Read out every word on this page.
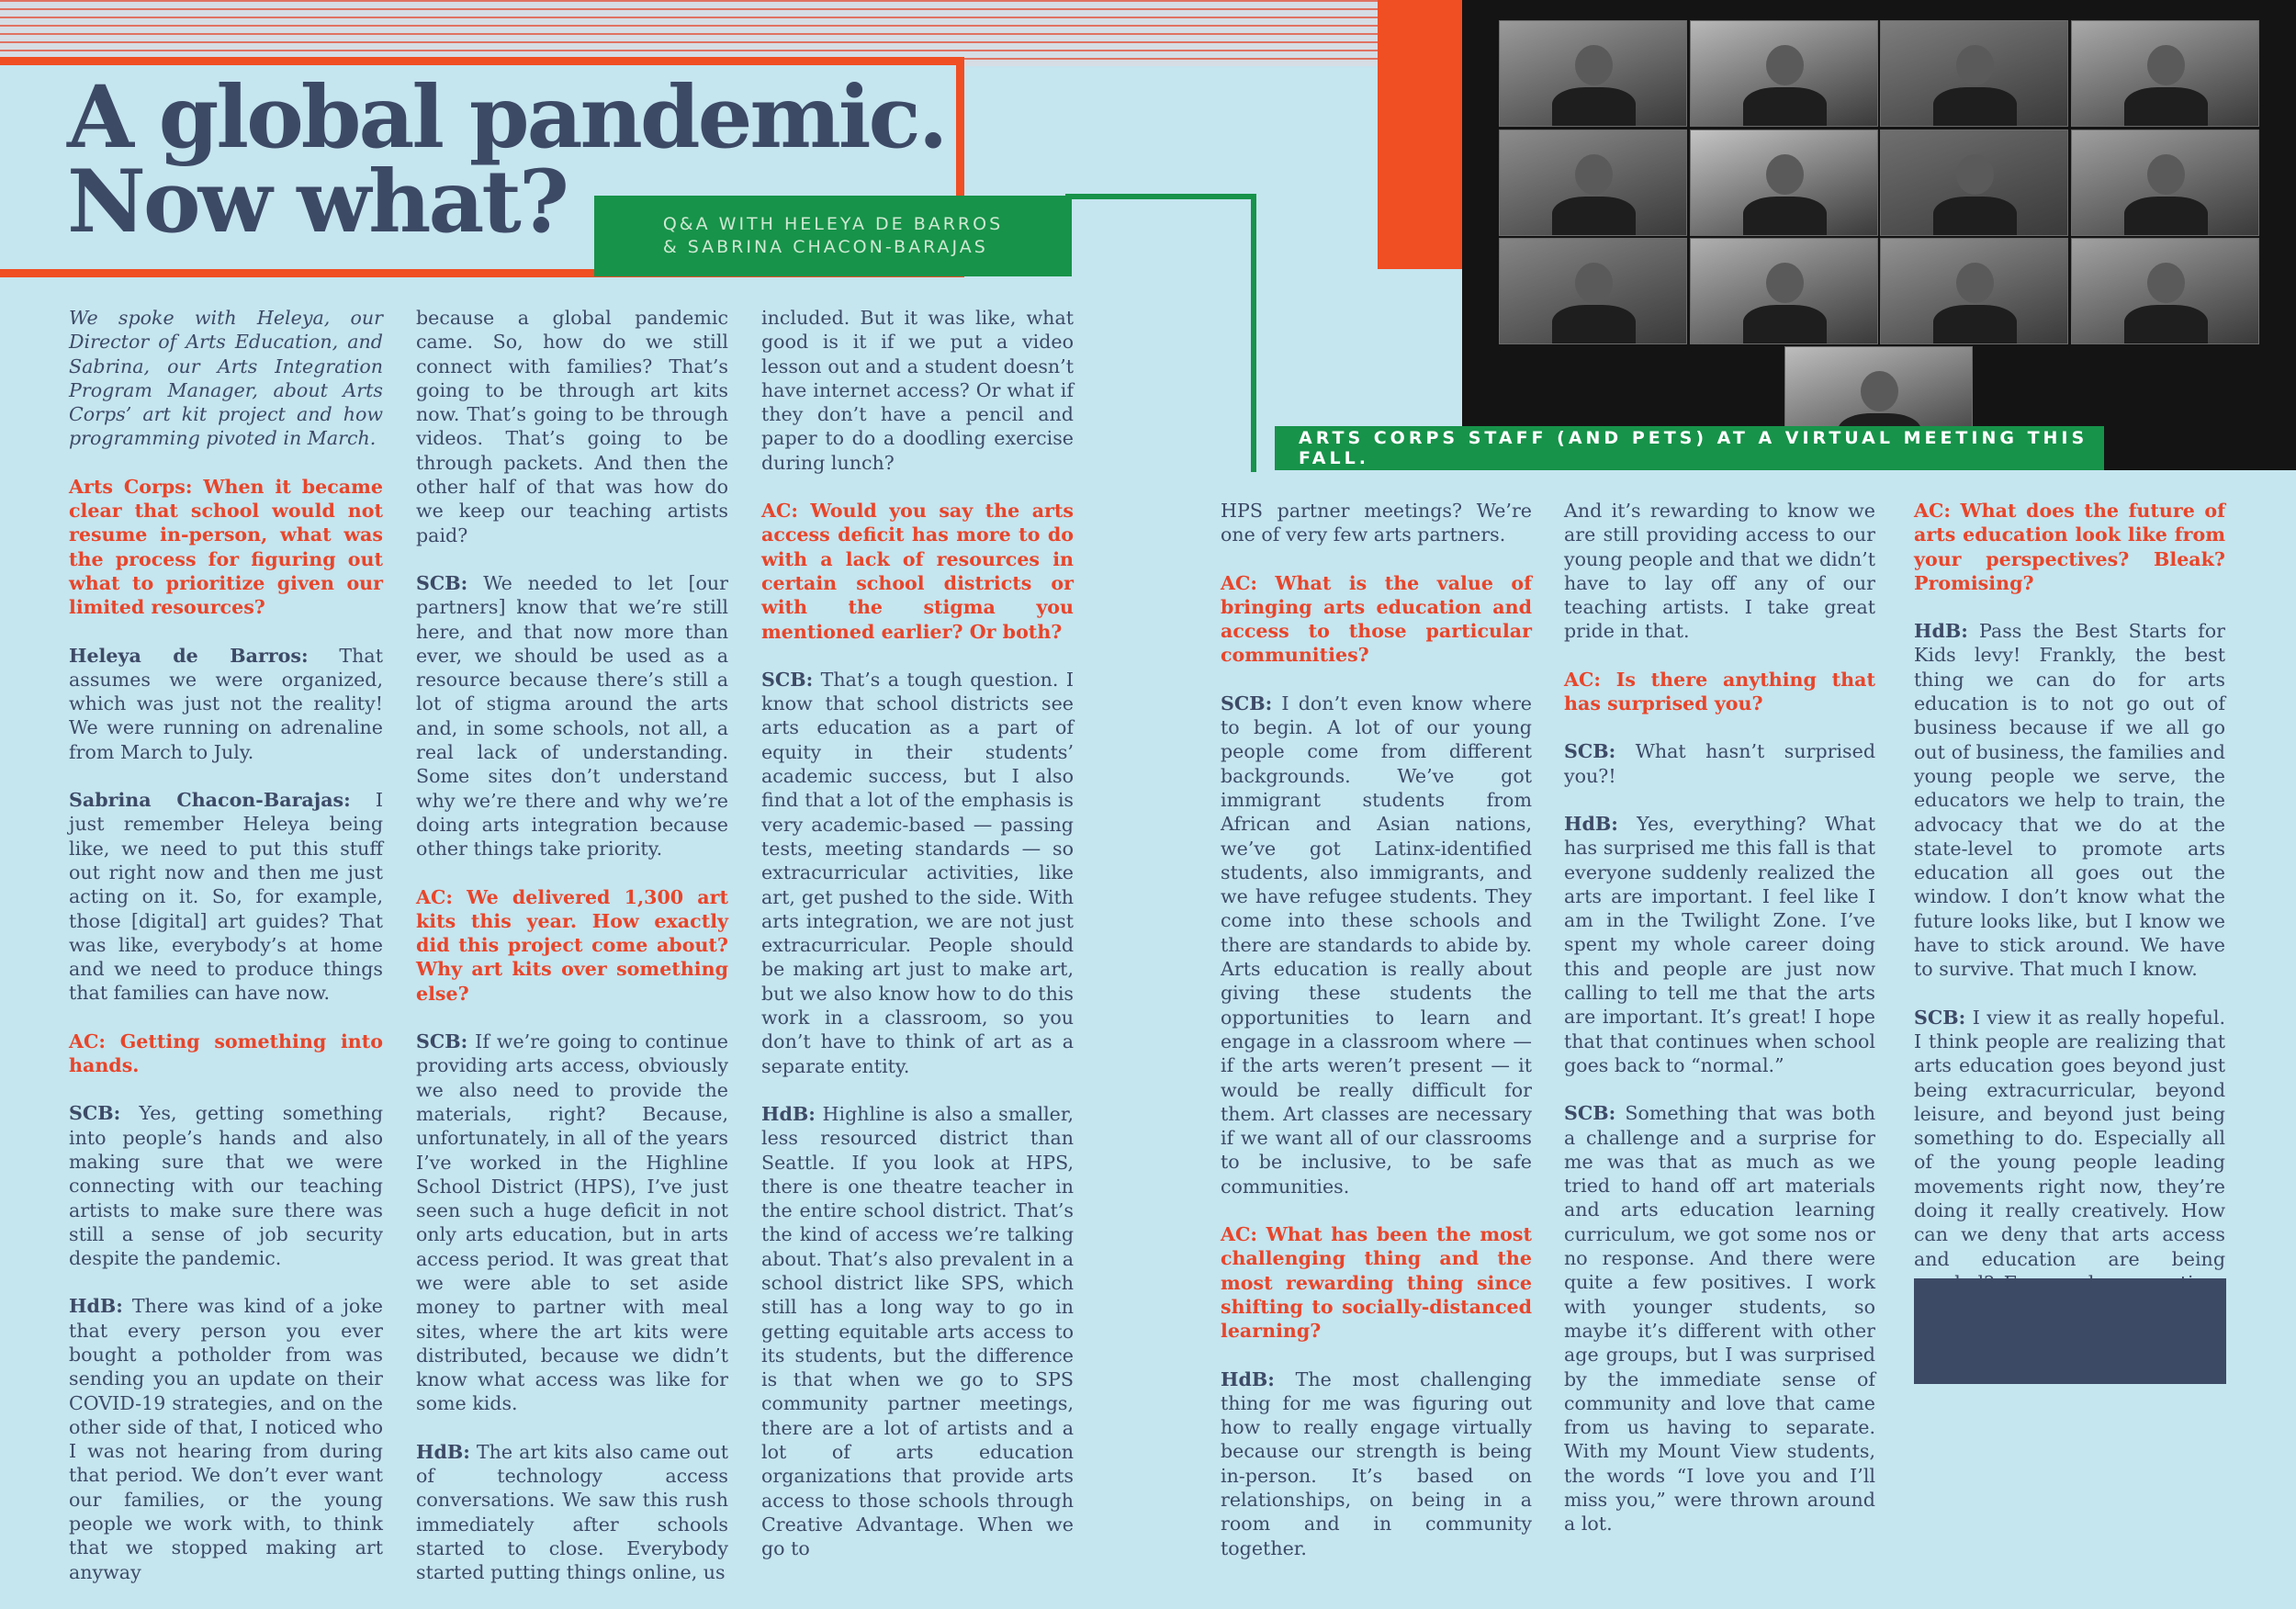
A global pandemic.
Now what?	Q&A WITH HELEYA DE BARROS
& SABRINA CHACON-BARAJAS
ARTS CORPS STAFF (AND PETS) AT A VIRTUAL MEETING THIS FALL.

We spoke with Heleya, our Director of Arts Education, and Sabrina, our Arts Integration Program Manager, about Arts Corps’ art kit project and how programming pivoted in March.

Arts Corps: When it became clear that school would not resume in-person, what was the process for figuring out what to prioritize given our limited resources?

Heleya de Barros: That assumes we were organized, which was just not the reality! We were running on adrenaline from March to July.

Sabrina Chacon-Barajas: I just remember Heleya being like, we need to put this stuff out right now and then me just acting on it. So, for example, those [digital] art guides? That was like, everybody’s at home and we need to produce things that families can have now.

AC: Getting something into hands.

SCB: Yes, getting something into people’s hands and also making sure that we were connecting with our teaching artists to make sure there was still a sense of job security despite the pandemic.

HdB: There was kind of a joke that every person you ever bought a potholder from was sending you an update on their COVID-19 strategies, and on the other side of that, I noticed who I was not hearing from during that period. We don’t ever want our families, or the young people we work with, to think that we stopped making art anyway

because a global pandemic came. So, how do we still connect with families? That’s going to be through art kits now. That’s going to be through videos. That’s going to be through packets. And then the other half of that was how do we keep our teaching artists paid?

SCB: We needed to let [our partners] know that we’re still here, and that now more than ever, we should be used as a resource because there’s still a lot of stigma around the arts and, in some schools, not all, a real lack of understanding. Some sites don’t understand why we’re there and why we’re doing arts integration because other things take priority.

AC: We delivered 1,300 art kits this year. How exactly did this project come about? Why art kits over something else?

SCB: If we’re going to continue providing arts access, obviously we also need to provide the materials, right? Because, unfortunately, in all of the years I’ve worked in the Highline School District (HPS), I’ve just seen such a huge deficit in not only arts education, but in arts access period. It was great that we were able to set aside money to partner with meal sites, where the art kits were distributed, because we didn’t know what access was like for some kids.

HdB: The art kits also came out of technology access conversations. We saw this rush immediately after schools started to close. Everybody started putting things online, us

included. But it was like, what good is it if we put a video lesson out and a student doesn’t have internet access? Or what if they don’t have a pencil and paper to do a doodling exercise during lunch?

AC: Would you say the arts access deficit has more to do with a lack of resources in certain school districts or with the stigma you mentioned earlier? Or both?

SCB: That’s a tough question. I know that school districts see arts education as a part of equity in their students’ academic success, but I also find that a lot of the emphasis is very academic-based — passing tests, meeting standards — so extracurricular activities, like art, get pushed to the side. With arts integration, we are not just extracurricular. People should be making art just to make art, but we also know how to do this work in a classroom, so you don’t have to think of art as a separate entity.

HdB: Highline is also a smaller, less resourced district than Seattle. If you look at HPS, there is one theatre teacher in the entire school district. That’s the kind of access we’re talking about. That’s also prevalent in a school district like SPS, which still has a long way to go in getting equitable arts access to its students, but the difference is that when we go to SPS community partner meetings, there are a lot of artists and a lot of arts education organizations that provide arts access to those schools through Creative Advantage. When we go to

HPS partner meetings? We’re one of very few arts partners.

AC: What is the value of bringing arts education and access to those particular communities?

SCB: I don’t even know where to begin. A lot of our young people come from different backgrounds. We’ve got immigrant students from African and Asian nations, we’ve got Latinx-identified students, also immigrants, and we have refugee students. They come into these schools and there are standards to abide by. Arts education is really about giving these students the opportunities to learn and engage in a classroom where — if the arts weren’t present — it would be really difficult for them. Art classes are necessary if we want all of our classrooms to be inclusive, to be safe communities.

AC: What has been the most challenging thing and the most rewarding thing since shifting to socially-distanced learning?

HdB: The most challenging thing for me was figuring out how to really engage virtually because our strength is being in-person. It’s based on relationships, on being in a room and in community together.

And it’s rewarding to know we are still providing access to our young people and that we didn’t have to lay off any of our teaching artists. I take great pride in that.

AC: Is there anything that has surprised you?

SCB: What hasn’t surprised you?!

HdB: Yes, everything? What has surprised me this fall is that everyone suddenly realized the arts are important. I feel like I am in the Twilight Zone. I’ve spent my whole career doing this and people are just now calling to tell me that the arts are important. It’s great! I hope that that continues when school goes back to “normal.”

SCB: Something that was both a challenge and a surprise for me was that as much as we tried to hand off art materials and arts education learning curriculum, we got some nos or no response. And there were quite a few positives. I work with younger students, so maybe it’s different with other age groups, but I was surprised by the immediate sense of community and love that came from us having to separate. With my Mount View students, the words “I love you and I’ll miss you,” were thrown around a lot.

AC: What does the future of arts education look like from your perspectives? Bleak? Promising?

HdB: Pass the Best Starts for Kids levy! Frankly, the best thing we can do for arts education is to not go out of business because if we all go out of business, the families and young people we serve, the educators we help to train, the advocacy that we do at the state-level to promote arts education all goes out the window. I don’t know what the future looks like, but I know we have to stick around. We have to survive. That much I know.

SCB: I view it as really hopeful. I think people are realizing that arts education goes beyond just being extracurricular, beyond leisure, and beyond just being something to do. Especially all of the young people leading movements right now, they’re doing it really creatively. How can we deny that arts access and education are being
